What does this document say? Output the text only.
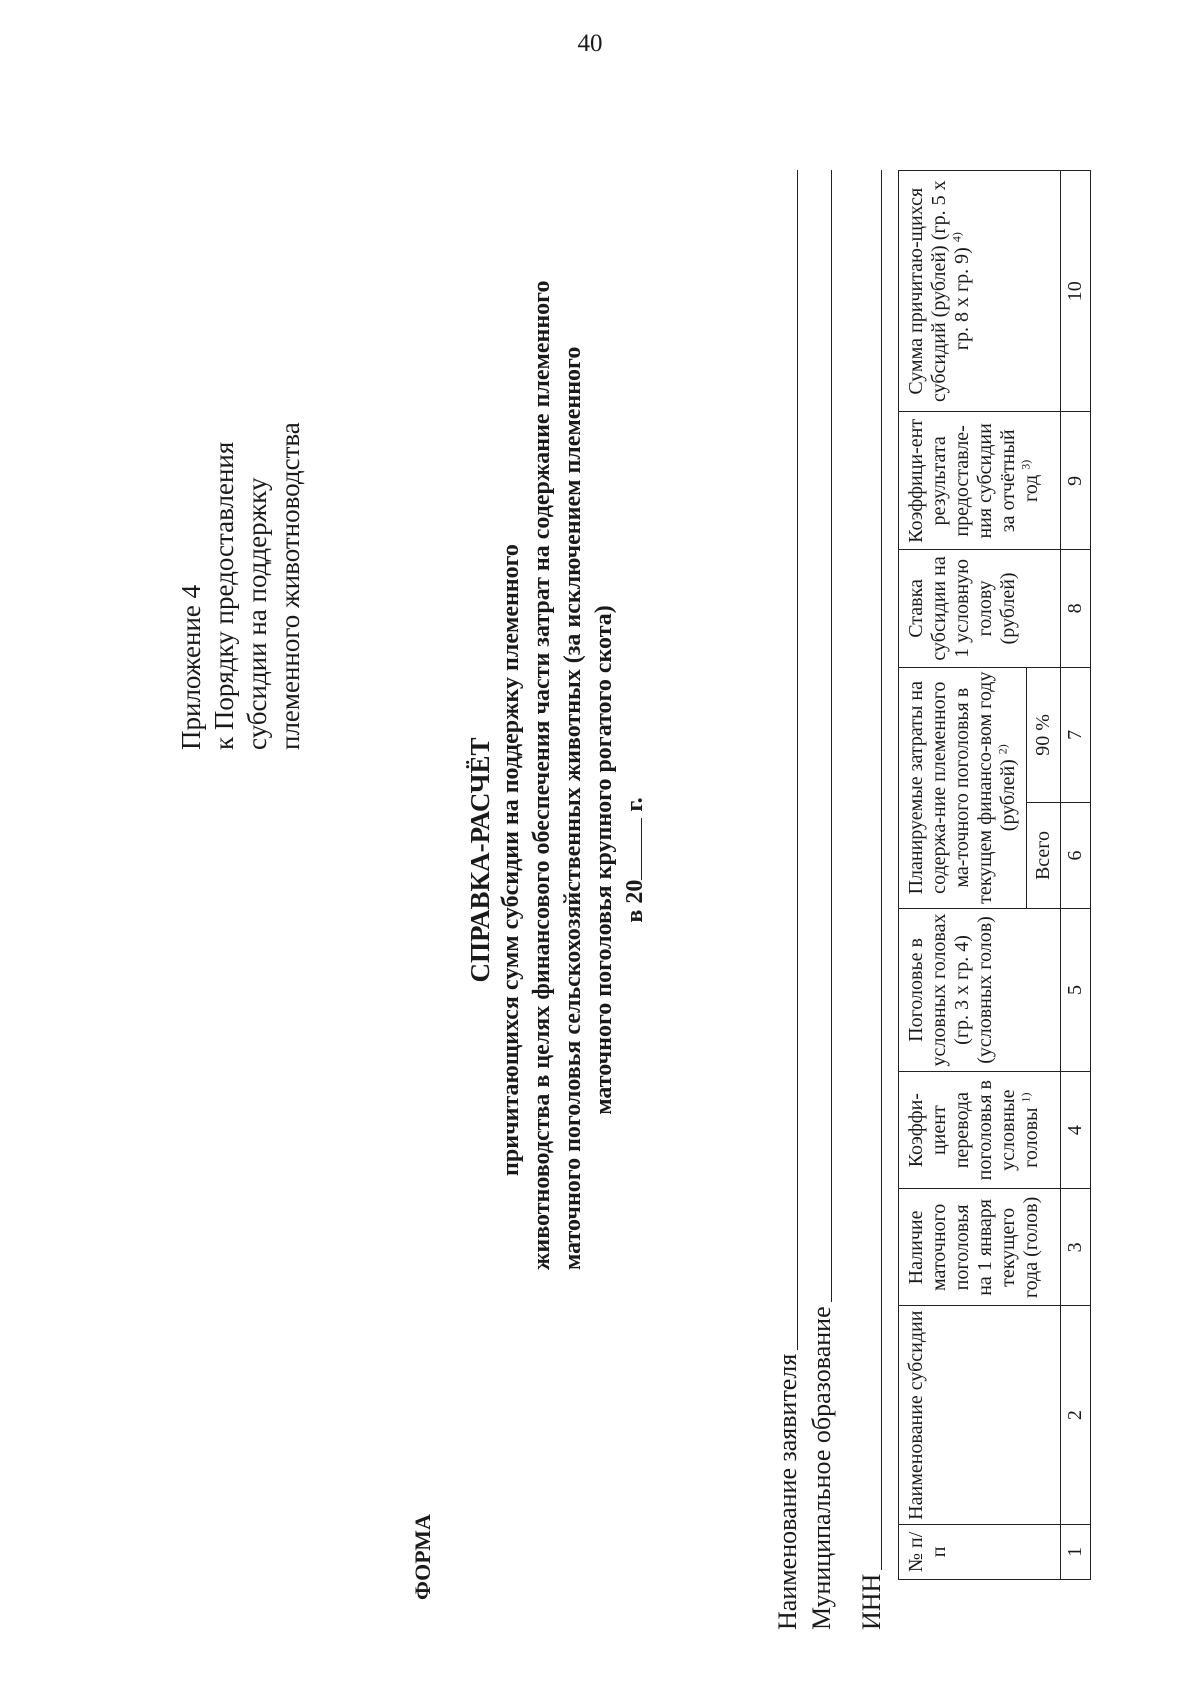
40
Приложение 4 к Порядку предоставления субсидии на поддержку племенного животноводства
ФОРМА
СПРАВКА-РАСЧЁТ причитающихся сумм субсидии на поддержку племенного животноводства в целях финансового обеспечения части затрат на содержание племенного маточного поголовья сельскохозяйственных животных (за исключением племенного маточного поголовья крупного рогатого скота) в 20 г.
Наименование заявителя Муниципальное образование ИНН
№ п/п	Наименование субсидии	Наличие маточного поголовья на 1 января текущего года (голов)	Коэффи-циент перевода поголовья в условные головы $^{1)}$	Поголовье в условных головах (гр. 3 х гр. 4) (условных голов)	Планируемые затраты на содержа-ние племенного ма-точного поголовья в текущем финансо-вом году (рублей) $^{2)}$		Ставка субсидии на 1 условную голову (рублей)	Коэффици-ент результата предоставле-ния субсидии за отчётный год $^{3)}$	Сумма причитаю-щихся субсидий (рублей) (гр. 5 х гр. 8 х гр. 9) $^{4)}$
					Всего	90 %			
1	2	3	4	5	6	7	8	9	10
